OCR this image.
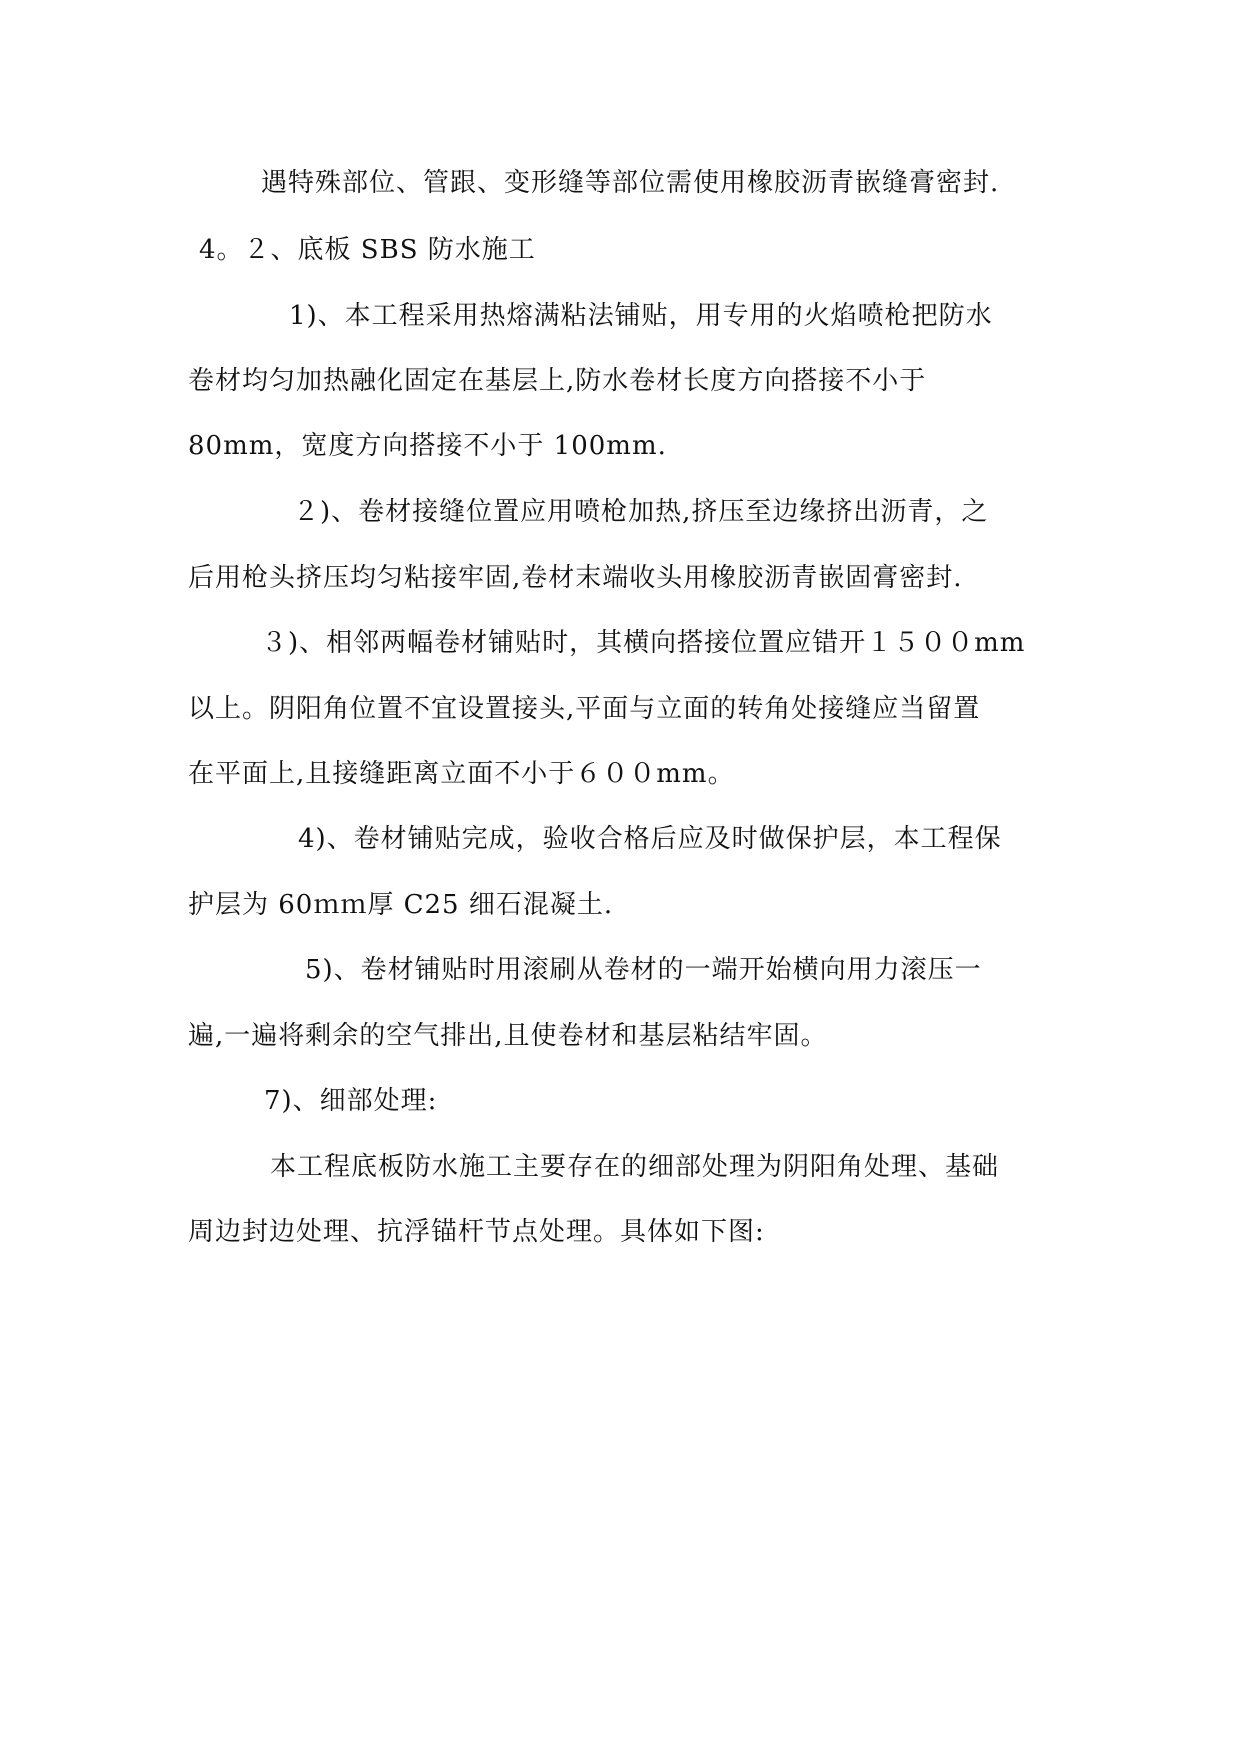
遇特殊部位、管跟、变形缝等部位需使用橡胶沥青嵌缝膏密封.
4。２、底板 SBS 防水施工
1)、本工程采用热熔满粘法铺贴，用专用的火焰喷枪把防水
卷材均匀加热融化固定在基层上,防水卷材长度方向搭接不小于
80mm，宽度方向搭接不小于 100mm.
２)、卷材接缝位置应用喷枪加热,挤压至边缘挤出沥青，之
后用枪头挤压均匀粘接牢固,卷材末端收头用橡胶沥青嵌固膏密封.
３)、相邻两幅卷材铺贴时，其横向搭接位置应错开１５００mm
以上。阴阳角位置不宜设置接头,平面与立面的转角处接缝应当留置
在平面上,且接缝距离立面不小于６００mm。
4)、卷材铺贴完成，验收合格后应及时做保护层，本工程保
护层为 60ｍｍ厚 C25 细石混凝土.
5)、卷材铺贴时用滚刷从卷材的一端开始横向用力滚压一
遍,一遍将剩余的空气排出,且使卷材和基层粘结牢固。
7)、细部处理:
本工程底板防水施工主要存在的细部处理为阴阳角处理、基础
周边封边处理、抗浮锚杆节点处理。具体如下图:
